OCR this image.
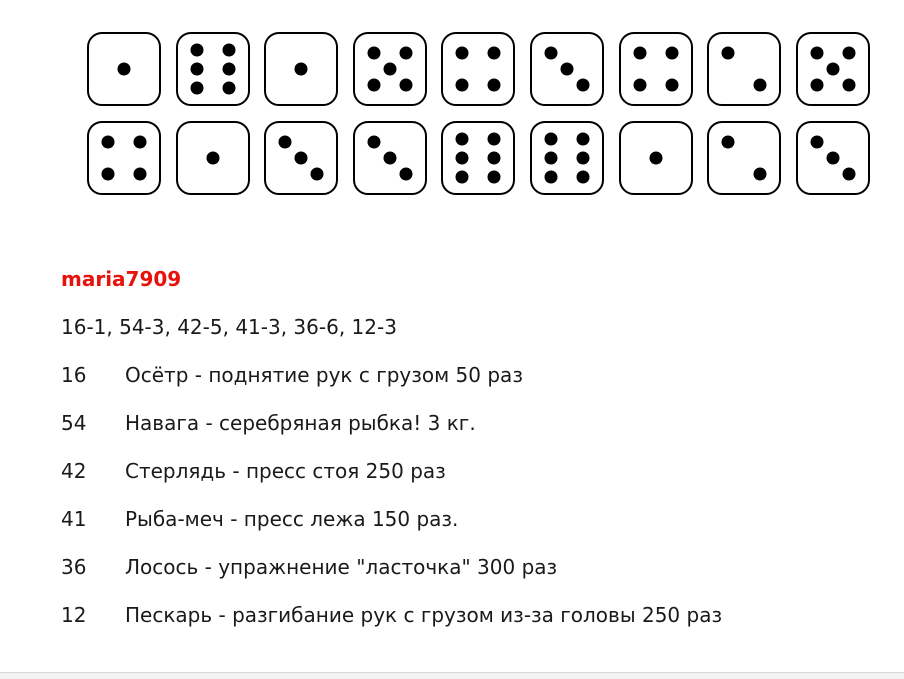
maria7909
16-1, 54-3, 42-5, 41-3, 36-6, 12-3
16 Осётр - поднятие рук с грузом 50 раз
54 Навага - серебряная рыбка! 3 кг.
42 Стерлядь - пресс стоя 250 раз
41 Рыба-меч - пресс лежа 150 раз.
36 Лосось - упражнение "ласточка" 300 раз
12 Пескарь - разгибание рук с грузом из-за головы 250 раз
